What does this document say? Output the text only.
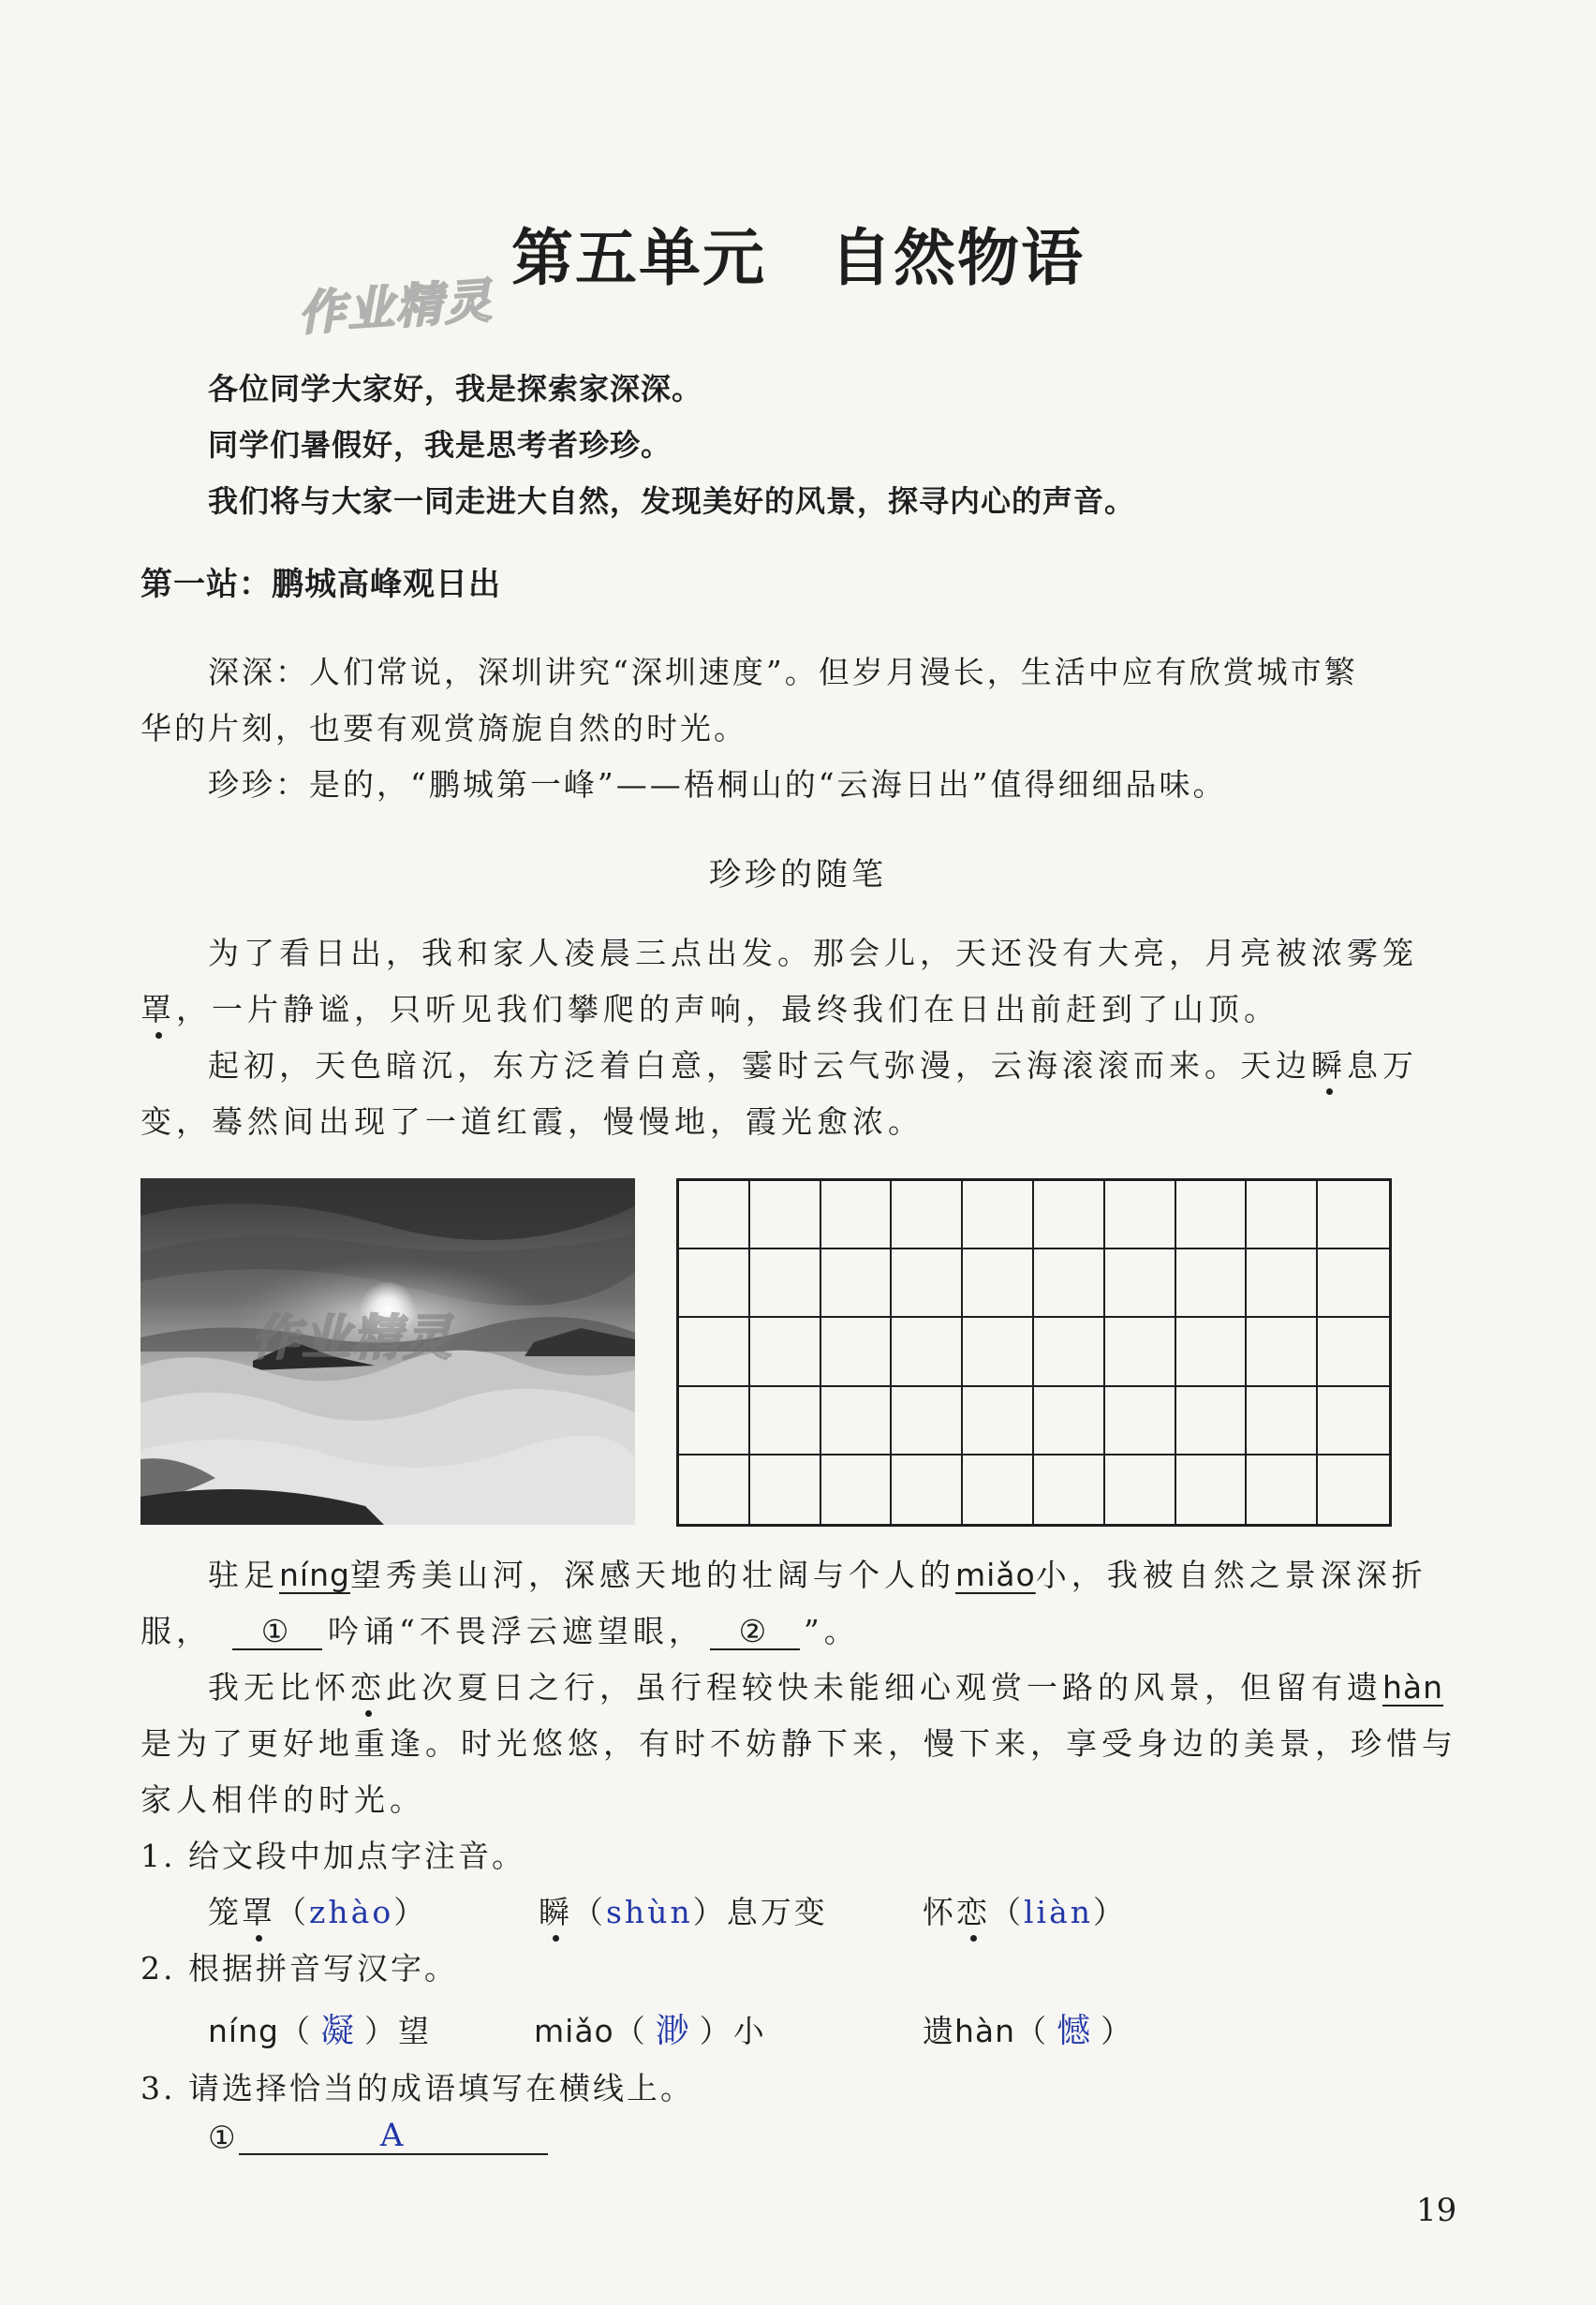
第五单元 自然物语
作业精灵
各位同学大家好，我是探索家深深。
同学们暑假好，我是思考者珍珍。
我们将与大家一同走进大自然，发现美好的风景，探寻内心的声音。
第一站：鹏城高峰观日出
深深：人们常说，深圳讲究“深圳速度”。但岁月漫长，生活中应有欣赏城市繁
华的片刻，也要有观赏旖旎自然的时光。
珍珍：是的，“鹏城第一峰”——梧桐山的“云海日出”值得细细品味。
珍珍的随笔
为了看日出，我和家人凌晨三点出发。那会儿，天还没有大亮，月亮被浓雾笼
罩，一片静谧，只听见我们攀爬的声响，最终我们在日出前赶到了山顶。
起初，天色暗沉，东方泛着白意，霎时云气弥漫，云海滚滚而来。天边瞬息万
变，蓦然间出现了一道红霞，慢慢地，霞光愈浓。
作业精灵
驻足níng望秀美山河，深感天地的壮阔与个人的miǎo小，我被自然之景深深折
服， ① 吟诵“不畏浮云遮望眼， ② ”。
我无比怀恋此次夏日之行，虽行程较快未能细心观赏一路的风景，但留有遗hàn
是为了更好地重逢。时光悠悠，有时不妨静下来，慢下来，享受身边的美景，珍惜与
家人相伴的时光。
1. 给文段中加点字注音。
笼罩（zhào）	瞬（shùn）息万变	怀恋（liàn）
2. 根据拼音写汉字。
níng（ 凝 ）望	miǎo（ 渺 ）小	遗hàn（ 憾 ）
3. 请选择恰当的成语填写在横线上。
①	A
19
